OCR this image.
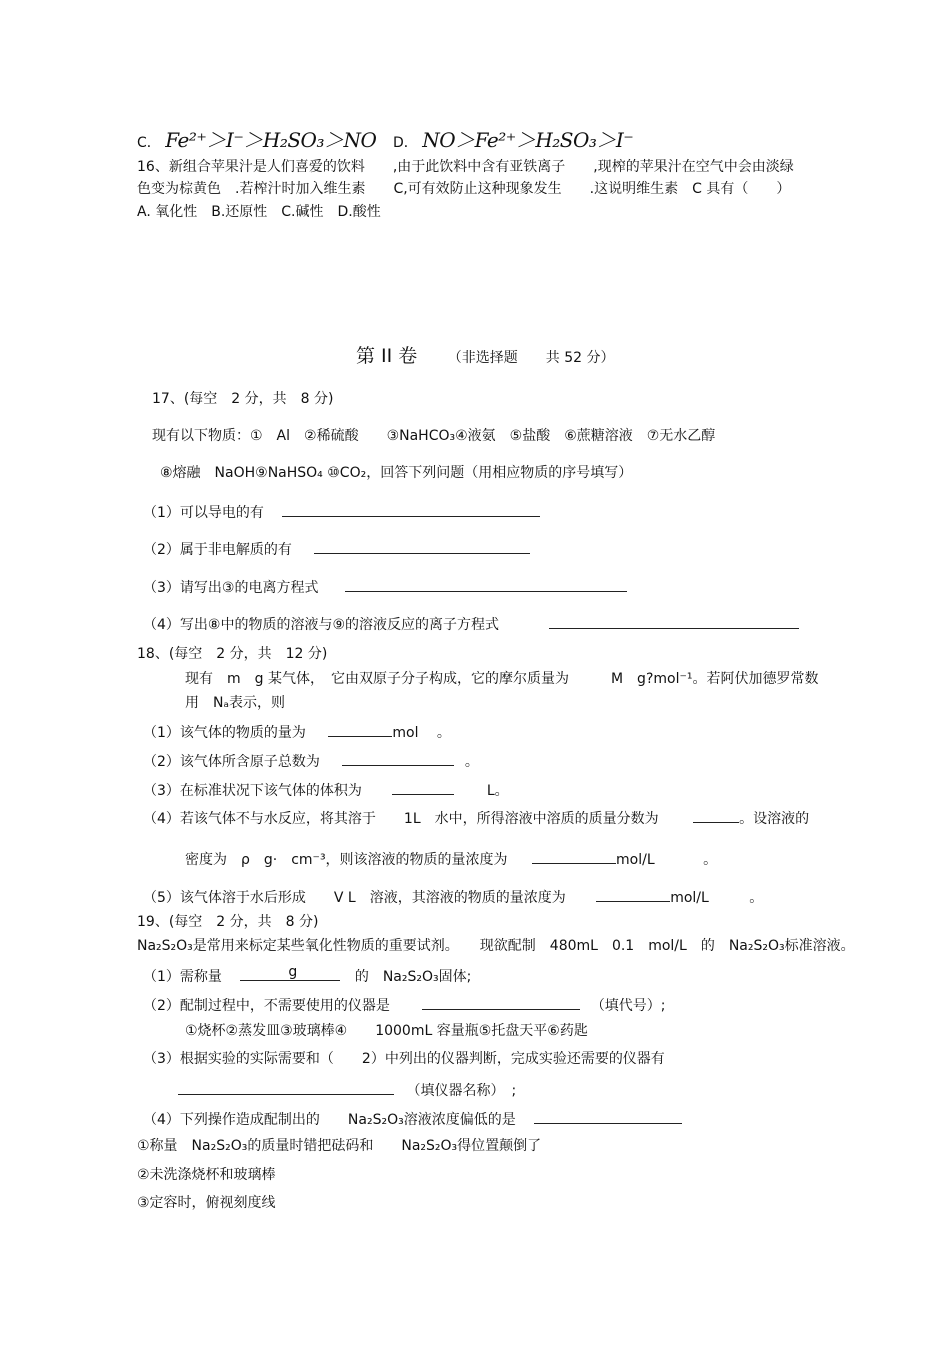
C． Fe²⁺＞I⁻＞H₂SO₃＞NO D． NO＞Fe²⁺＞H₂SO₃＞I⁻
16、新组合苹果汁是人们喜爱的饮料　　,由于此饮料中含有亚铁离子　　,现榨的苹果汁在空气中会由淡绿
色变为棕黄色　.若榨汁时加入维生素　　C,可有效防止这种现象发生　　.这说明维生素　C 具有（　　）
A. 氧化性　B.还原性　C.碱性　D.酸性
第 II 卷 （非选择题　　共 52 分）
17、(每空　2 分，共　8 分)
现有以下物质：①　Al　②稀硫酸　　③NaHCO₃④液氨　⑤盐酸　⑥蔗糖溶液　⑦无水乙醇
⑧熔融　NaOH⑨NaHSO₄ ⑩CO₂，回答下列问题（用相应物质的序号填写）
（1）可以导电的有
（2）属于非电解质的有
（3）请写出③的电离方程式
（4）写出⑧中的物质的溶液与⑨的溶液反应的离子方程式
18、(每空　2 分，共　12 分)
现有　m　g 某气体，　它由双原子分子构成，它的摩尔质量为　　　M　g?mol⁻¹。若阿伏加德罗常数
用　Nₐ表示，则
（1）该气体的物质的量为	mol 。
（2）该气体所含原子总数为	。
（3）在标准状况下该气体的体积为	L。
（4）若该气体不与水反应，将其溶于　　1L　水中，所得溶液中溶质的质量分数为	。设溶液的
密度为　ρ　g·　cm⁻³，则该溶液的物质的量浓度为	mol/L	。
（5）该气体溶于水后形成　　V L　溶液，其溶液的物质的量浓度为	mol/L	。
19、(每空　2 分，共　8 分)
Na₂S₂O₃是常用来标定某些氧化性物质的重要试剂。　　现欲配制　480mL　0.1　mol/L　的　Na₂S₂O₃标准溶液。
（1）需称量	g	的　Na₂S₂O₃固体;
（2）配制过程中，不需要使用的仪器是	（填代号）;
①烧杯②蒸发皿③玻璃棒④　　1000mL 容量瓶⑤托盘天平⑥药匙
（3）根据实验的实际需要和（　　2）中列出的仪器判断，完成实验还需要的仪器有
（填仪器名称）　;
（4）下列操作造成配制出的　　Na₂S₂O₃溶液浓度偏低的是
①称量　Na₂S₂O₃的质量时错把砝码和　　Na₂S₂O₃得位置颠倒了
②未洗涤烧杯和玻璃棒
③定容时，俯视刻度线
